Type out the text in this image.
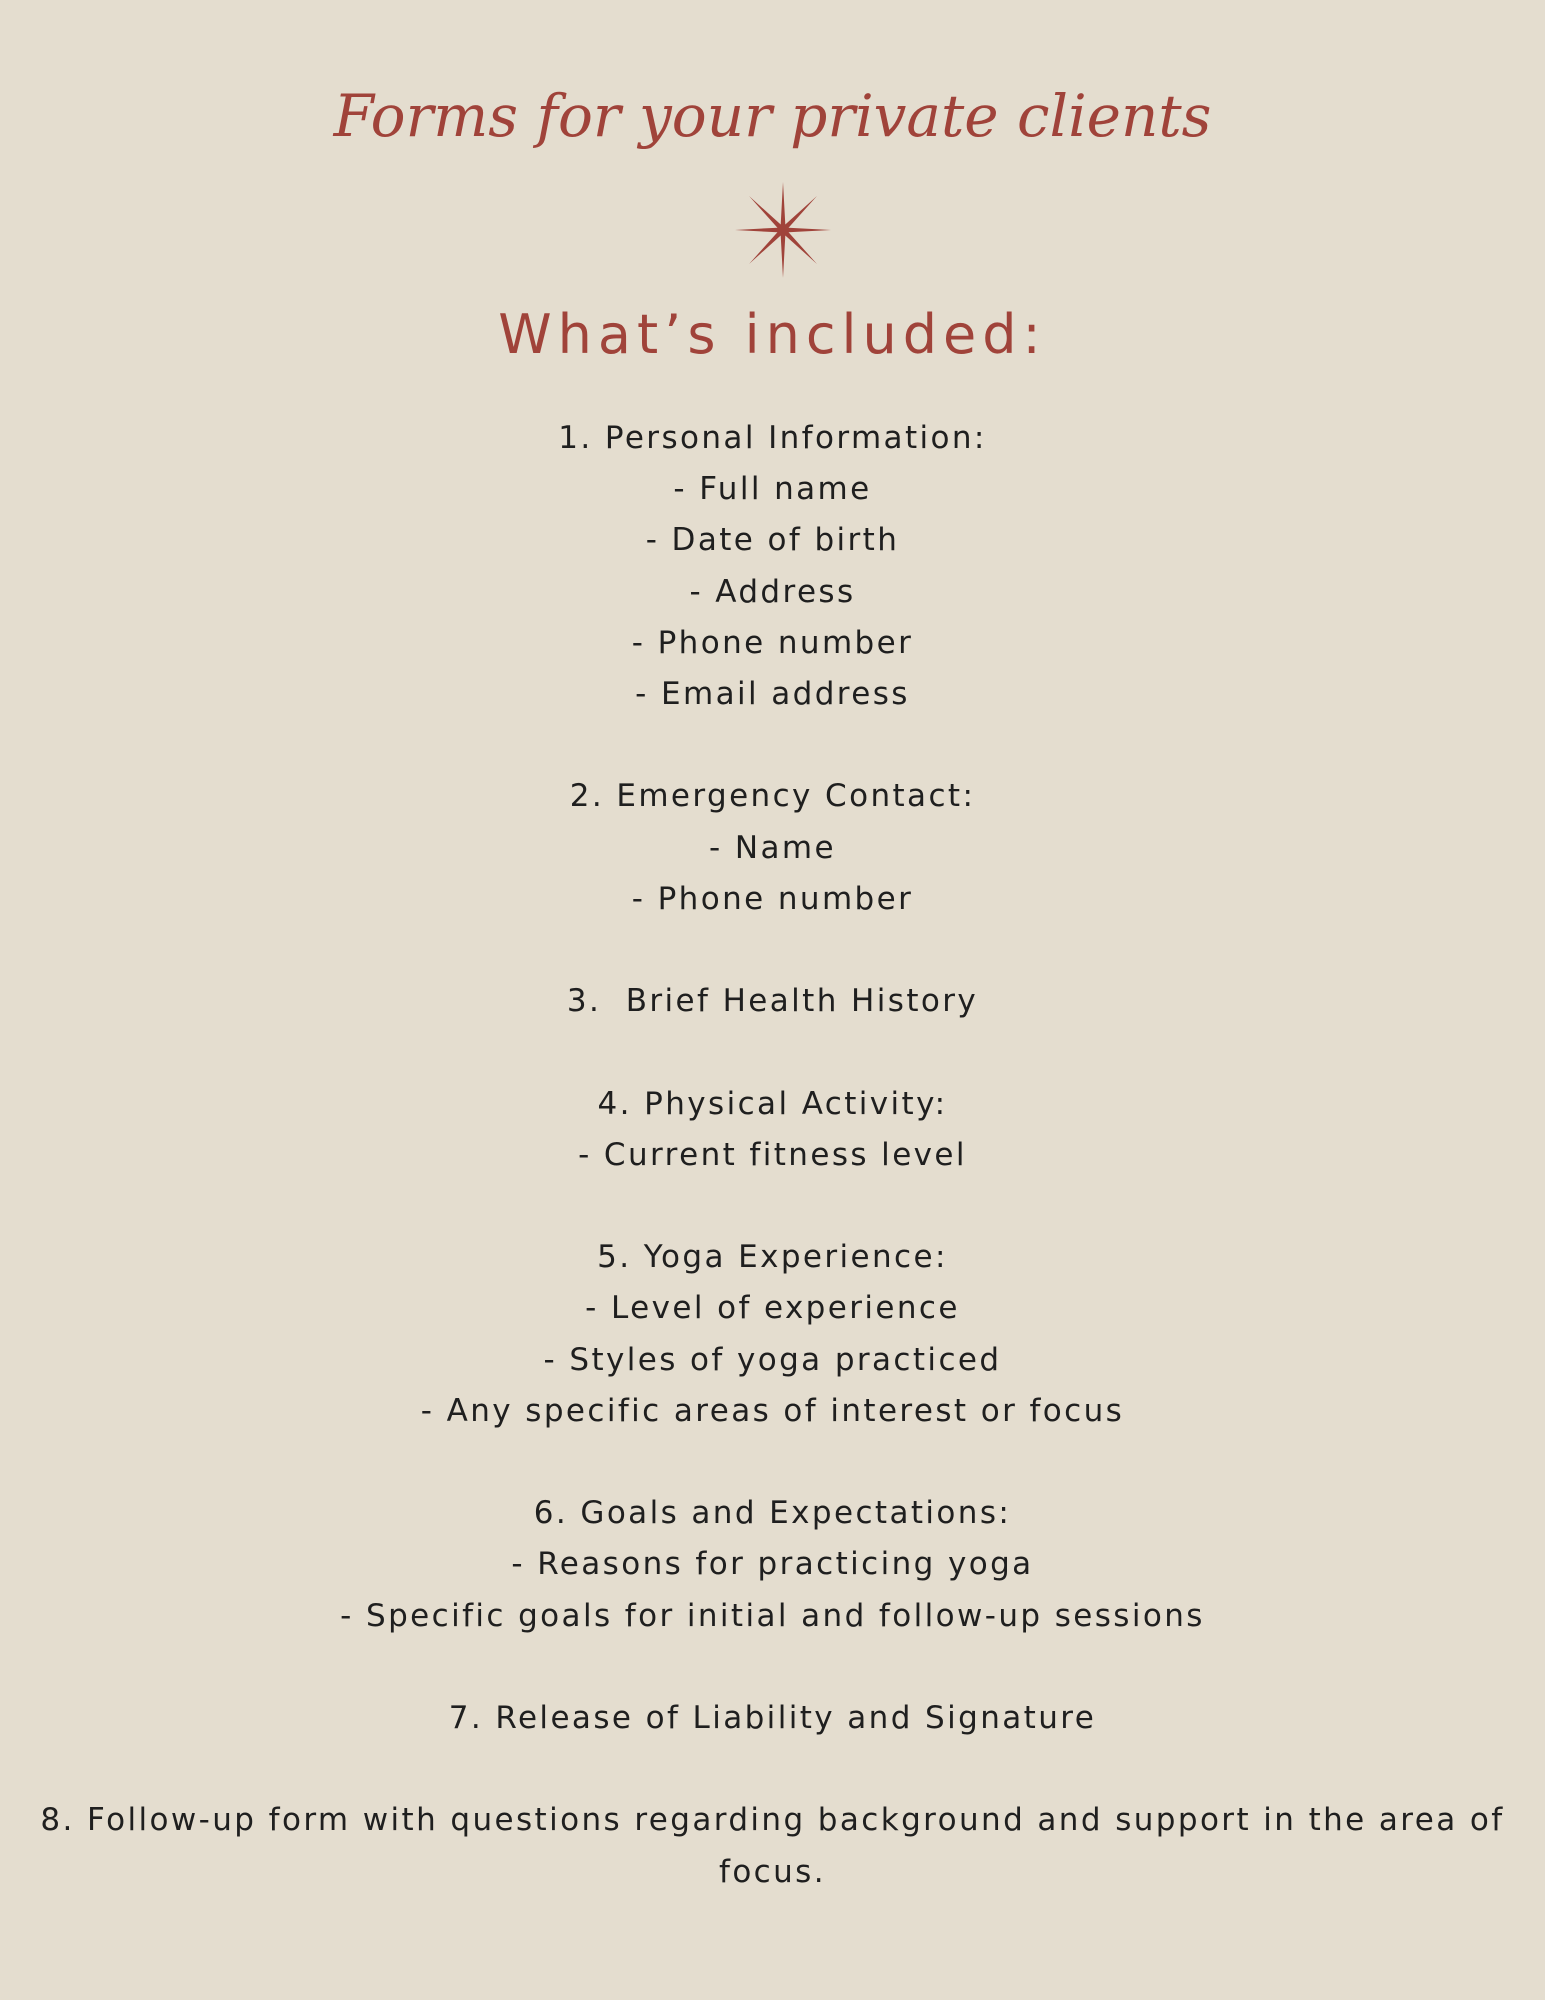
Forms for your private clients
What’s included:
1. Personal Information:
- Full name
- Date of birth
- Address
- Phone number
- Email address
2. Emergency Contact:
- Name
- Phone number
3.  Brief Health History
4. Physical Activity:
- Current fitness level
5. Yoga Experience:
- Level of experience
- Styles of yoga practiced
- Any specific areas of interest or focus
6. Goals and Expectations:
- Reasons for practicing yoga
- Specific goals for initial and follow-up sessions
7. Release of Liability and Signature
8. Follow-up form with questions regarding background and support in the area of focus.
